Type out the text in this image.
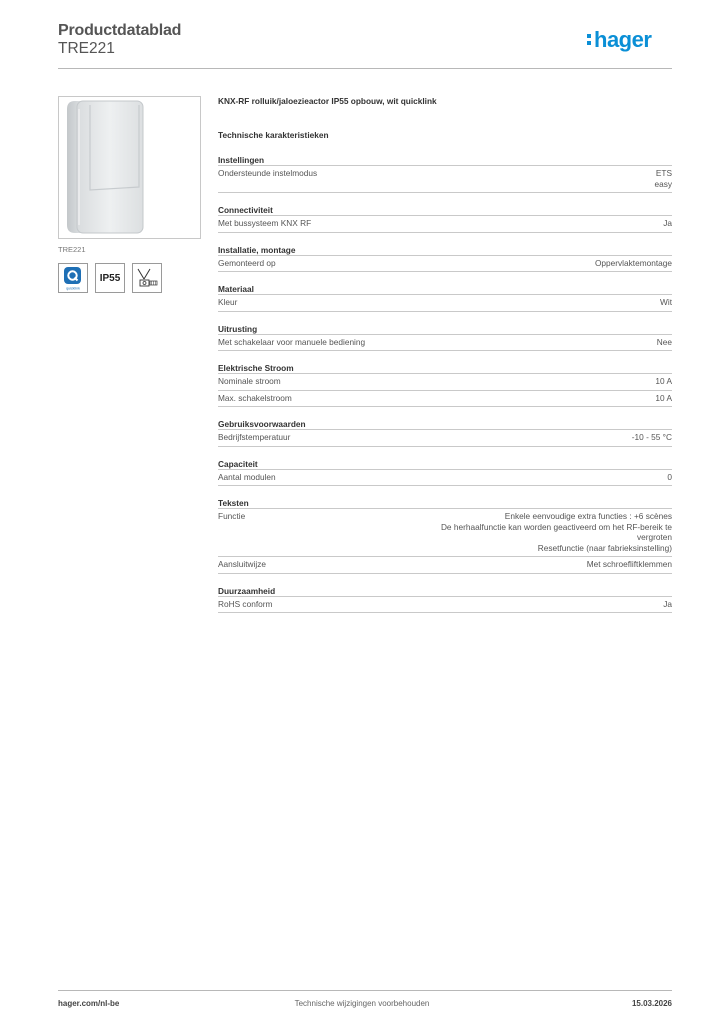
Productdatablad
TRE221	hager
TRE221
quicklink
IP55
KNX-RF rolluik/jaloezieactor IP55 opbouw, wit quicklink
Technische karakteristieken
Instellingen
Ondersteunde instelmodus	ETS
easy
Connectiviteit
Met bussysteem KNX RF	Ja
Installatie, montage
Gemonteerd op	Oppervlaktemontage
Materiaal
Kleur	Wit
Uitrusting
Met schakelaar voor manuele bediening	Nee
Elektrische Stroom
Nominale stroom	10 A
Max. schakelstroom	10 A
Gebruiksvoorwaarden
Bedrijfstemperatuur	-10 - 55 °C
Capaciteit
Aantal modulen	0
Teksten
Functie	Enkele eenvoudige extra functies : +6 scènes
De herhaalfunctie kan worden geactiveerd om het RF-bereik te
vergroten
Resetfunctie (naar fabrieksinstelling)
Aansluitwijze	Met schroefliftklemmen
Duurzaamheid
RoHS conform	Ja
Technische wijzigingen voorbehouden
hager.com/nl-be	15.03.2026
